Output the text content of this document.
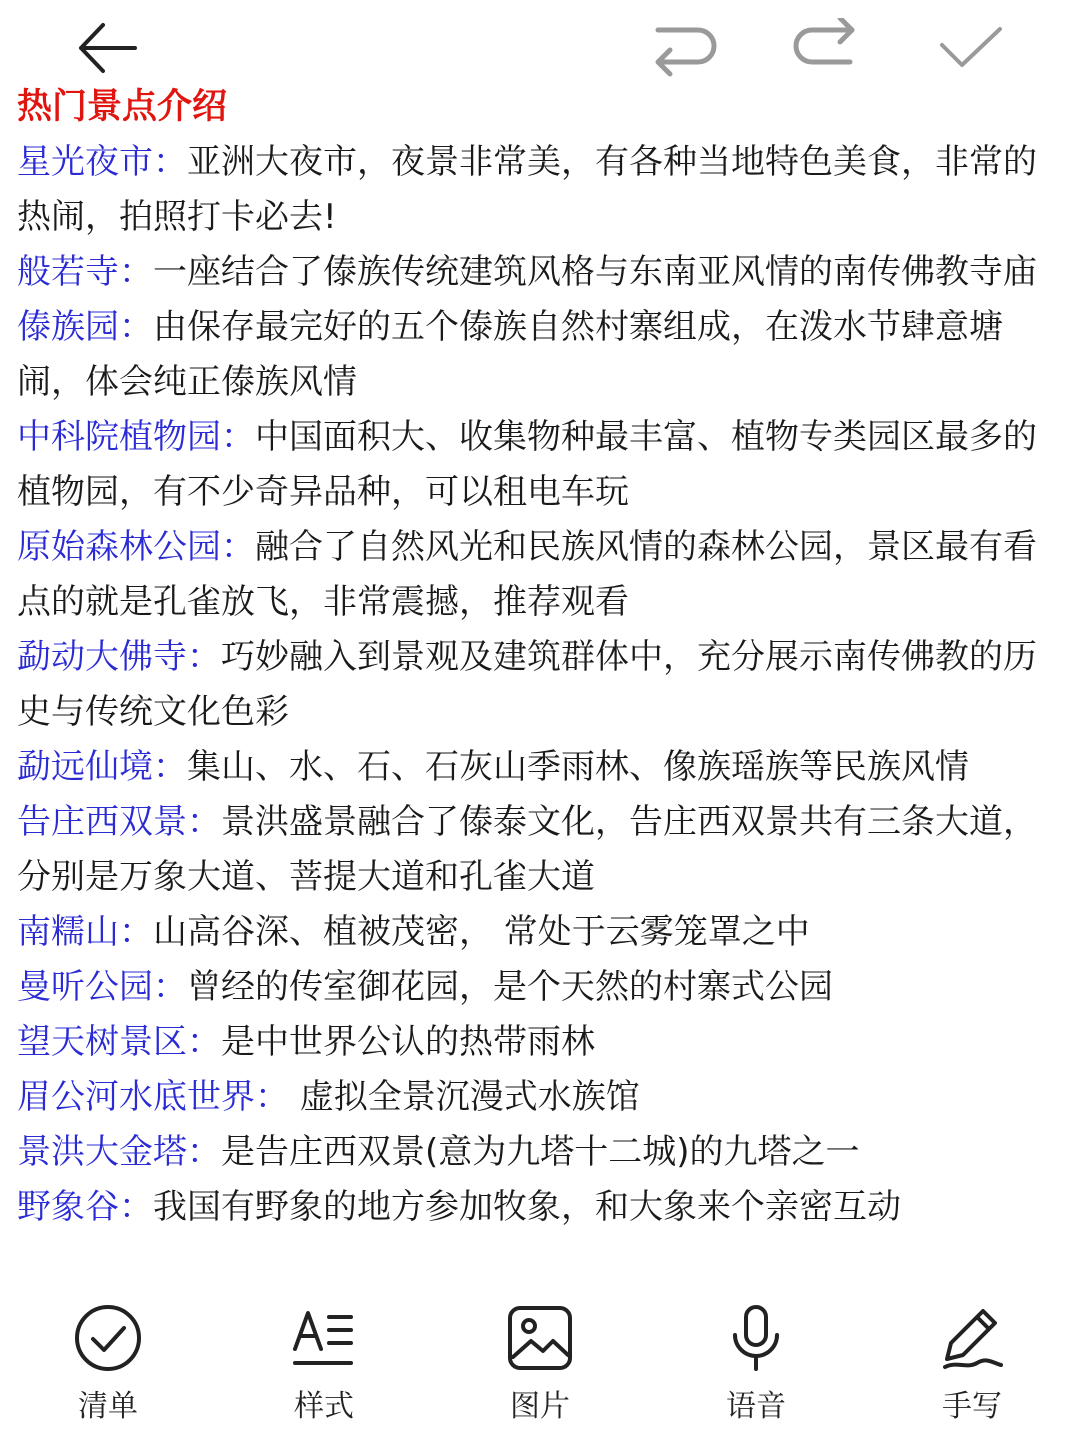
热门景点介绍

星光夜市：亚洲大夜市，夜景非常美，有各种当地特色美食，非常的热闹，拍照打卡必去!

般若寺：一座结合了傣族传统建筑风格与东南亚风情的南传佛教寺庙

傣族园：由保存最完好的五个傣族自然村寨组成，在泼水节肆意塘闹，体会纯正傣族风情

中科院植物园：中国面积大、收集物种最丰富、植物专类园区最多的植物园，有不少奇异品种，可以租电车玩

原始森林公园：融合了自然风光和民族风情的森林公园，景区最有看点的就是孔雀放飞，非常震撼，推荐观看

勐动大佛寺：巧妙融入到景观及建筑群体中，充分展示南传佛教的历史与传统文化色彩

勐远仙境：集山、水、石、石灰山季雨林、像族瑶族等民族风情

告庄西双景：景洪盛景融合了傣泰文化，告庄西双景共有三条大道，分别是万象大道、菩提大道和孔雀大道

南糯山：山高谷深、植被茂密， 常处于云雾笼罩之中

曼听公园：曾经的传室御花园，是个天然的村寨式公园

望天树景区：是中世界公认的热带雨林

眉公河水底世界： 虚拟全景沉漫式水族馆

景洪大金塔：是告庄西双景(意为九塔十二城)的九塔之一

野象谷：我国有野象的地方参加牧象，和大象来个亲密互动

清单	样式	图片	语音	手写
